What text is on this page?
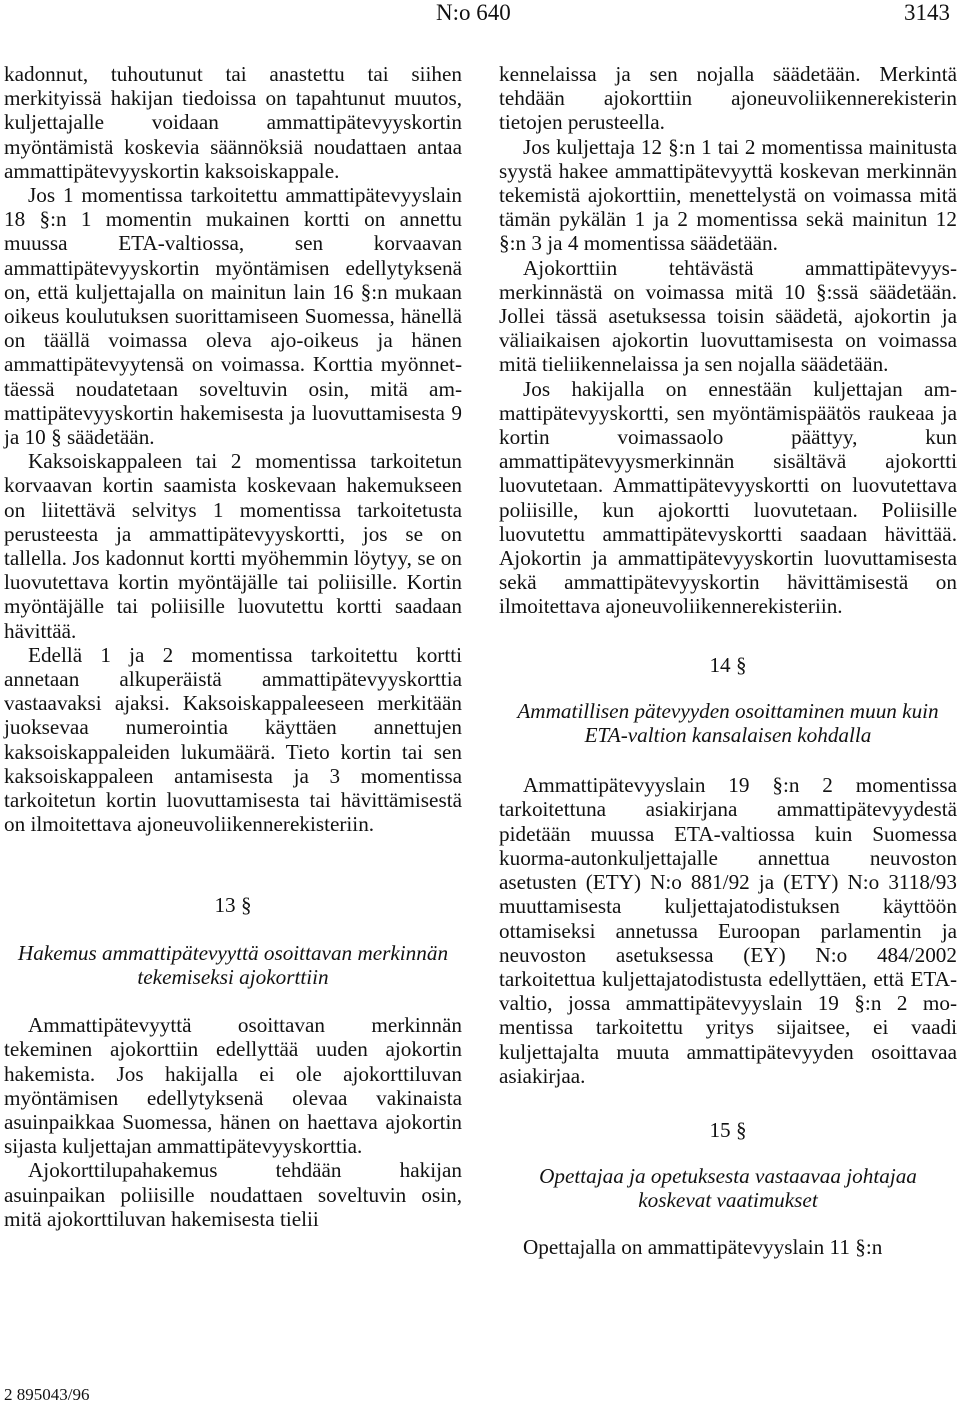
N:o 640	3143

kadonnut, tuhoutunut tai anastettu tai siihen merkityissä hakijan tiedoissa on tapahtunut muutos, kuljettajalle voidaan ammattipätevyyskortin myöntämistä koskevia säännöksiä noudattaen antaa ammattipätevyyskortin kaksoiskappale.

Jos 1 momentissa tarkoitettu ammattipätevyyslain 18 §:n 1 momentin mukainen kortti on annettu muussa ETA-valtiossa, sen korvaavan ammattipätevyyskortin myöntämisen edellytyksenä on, että kuljettajalla on mainitun lain 16 §:n mukaan oikeus koulutuksen suorittamiseen Suomessa, hänellä on täällä voimassa oleva ajo-oikeus ja hänen ammattipätevyytensä on voimassa. Korttia myönnettäessä noudatetaan soveltuvin osin, mitä ammattipätevyyskortin hakemisesta ja luovuttamisesta 9 ja 10 § säädetään.

Kaksoiskappaleen tai 2 momentissa tarkoitetun korvaavan kortin saamista koskevaan hakemukseen on liitettävä selvitys 1 momentissa tarkoitetusta perusteesta ja ammattipätevyyskortti, jos se on tallella. Jos kadonnut kortti myöhemmin löytyy, se on luovutettava kortin myöntäjälle tai poliisille. Kortin myöntäjälle tai poliisille luovutettu kortti saadaan hävittää.

Edellä 1 ja 2 momentissa tarkoitettu kortti annetaan alkuperäistä ammattipätevyyskorttia vastaavaksi ajaksi. Kaksoiskappaleeseen merkitään juoksevaa numerointia käyttäen annettujen kaksoiskappaleiden lukumäärä. Tieto kortin tai sen kaksoiskappaleen antamisesta ja 3 momentissa tarkoitetun kortin luovuttamisesta tai hävittämisestä on ilmoitettava ajoneuvoliikennerekisteriin.

13 §

Hakemus ammattipätevyyttä osoittavan merkinnän tekemiseksi ajokorttiin

Ammattipätevyyttä osoittavan merkinnän tekeminen ajokorttiin edellyttää uuden ajokortin hakemista. Jos hakijalla ei ole ajokorttiluvan myöntämisen edellytyksenä olevaa vakinaista asuinpaikkaa Suomessa, hänen on haettava ajokortin sijasta kuljettajan ammattipätevyyskorttia.

Ajokorttilupahakemus tehdään hakijan asuinpaikan poliisille noudattaen soveltuvin osin, mitä ajokorttiluvan hakemisesta tielii

kennelaissa ja sen nojalla säädetään. Merkintä tehdään ajokorttiin ajoneuvoliikennerekisterin tietojen perusteella.

Jos kuljettaja 12 §:n 1 tai 2 momentissa mainitusta syystä hakee ammattipätevyyttä koskevan merkinnän tekemistä ajokorttiin, menettelystä on voimassa mitä tämän pykälän 1 ja 2 momentissa sekä mainitun 12 §:n 3 ja 4 momentissa säädetään.

Ajokorttiin tehtävästä ammattipätevyysmerkinnästä on voimassa mitä 10 §:ssä säädetään. Jollei tässä asetuksessa toisin säädetä, ajokortin ja väliaikaisen ajokortin luovuttamisesta on voimassa mitä tieliikennelaissa ja sen nojalla säädetään.

Jos hakijalla on ennestään kuljettajan ammattipätevyyskortti, sen myöntämispäätös raukeaa ja kortin voimassaolo päättyy, kun ammattipätevyysmerkinnän sisältävä ajokortti luovutetaan. Ammattipätevyyskortti on luovutettava poliisille, kun ajokortti luovutetaan. Poliisille luovutettu ammattipätevyskortti saadaan hävittää. Ajokortin ja ammattipätevyyskortin luovuttamisesta sekä ammattipätevyyskortin hävittämisestä on ilmoitettava ajoneuvoliikennerekisteriin.

14 §

Ammatillisen pätevyyden osoittaminen muun kuin ETA-valtion kansalaisen kohdalla

Ammattipätevyyslain 19 §:n 2 momentissa tarkoitettuna asiakirjana ammattipätevyydestä pidetään muussa ETA-valtiossa kuin Suomessa kuorma-autonkuljettajalle annettua neuvoston asetusten (ETY) N:o 881/92 ja (ETY) N:o 3118/93 muuttamisesta kuljettajatodistuksen käyttöön ottamiseksi annetussa Euroopan parlamentin ja neuvoston asetuksessa (EY) N:o 484/2002 tarkoitettua kuljettajatodistusta edellyttäen, että ETA-valtio, jossa ammattipätevyyslain 19 §:n 2 momentissa tarkoitettu yritys sijaitsee, ei vaadi kuljettajalta muuta ammattipätevyyden osoittavaa asiakirjaa.

15 §

Opettajaa ja opetuksesta vastaavaa johtajaa koskevat vaatimukset

Opettajalla on ammattipätevyyslain 11 §:n

2 895043/96
